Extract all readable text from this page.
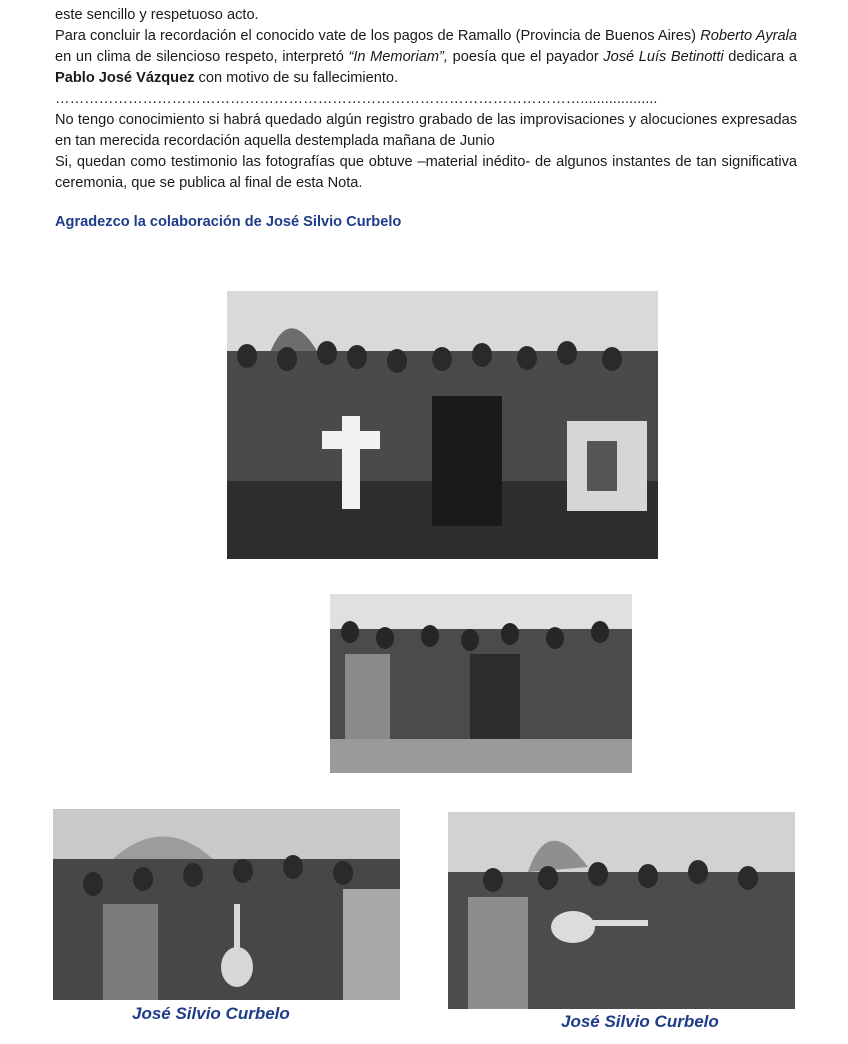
este sencillo y respetuoso acto.

Para concluir la recordación el conocido vate de los pagos de Ramallo (Provincia de Buenos Aires) Roberto Ayrala en un clima de silencioso respeto, interpretó “In Memoriam”, poesía que el payador José Luís Betinotti dedicara a Pablo José Vázquez con motivo de su fallecimiento.

………………………………………………………………………………………………...................

No tengo conocimiento si habrá quedado algún registro grabado de las improvisaciones y alocuciones expresadas en tan merecida recordación aquella destemplada mañana de Junio

Si, quedan como testimonio las fotografías que obtuve –material inédito- de algunos instantes de tan significativa ceremonia, que se publica al final de esta Nota.

Agradezco la colaboración de José Silvio Curbelo
José Silvio Curbelo	José Silvio Curbelo
